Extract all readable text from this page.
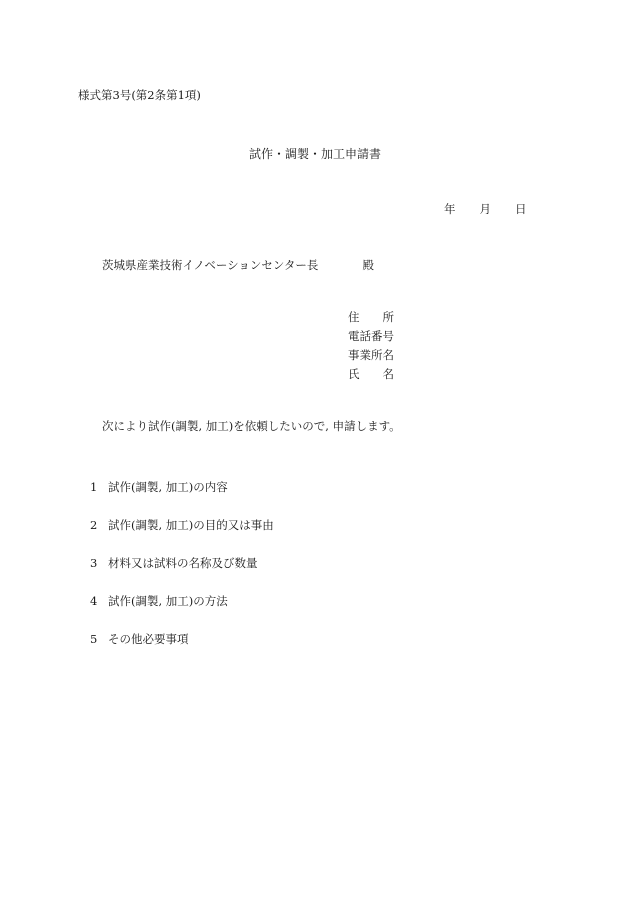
様式第3号(第2条第1項)
試作・調製・加工申請書
年 月 日
茨城県産業技術イノベーションセンター長	殿
住　　所
電話番号
事業所名
氏　　名
次により試作(調製, 加工)を依頼したいので, 申請します。
1 試作(調製, 加工)の内容
2 試作(調製, 加工)の目的又は事由
3 材料又は試料の名称及び数量
4 試作(調製, 加工)の方法
5 その他必要事項
